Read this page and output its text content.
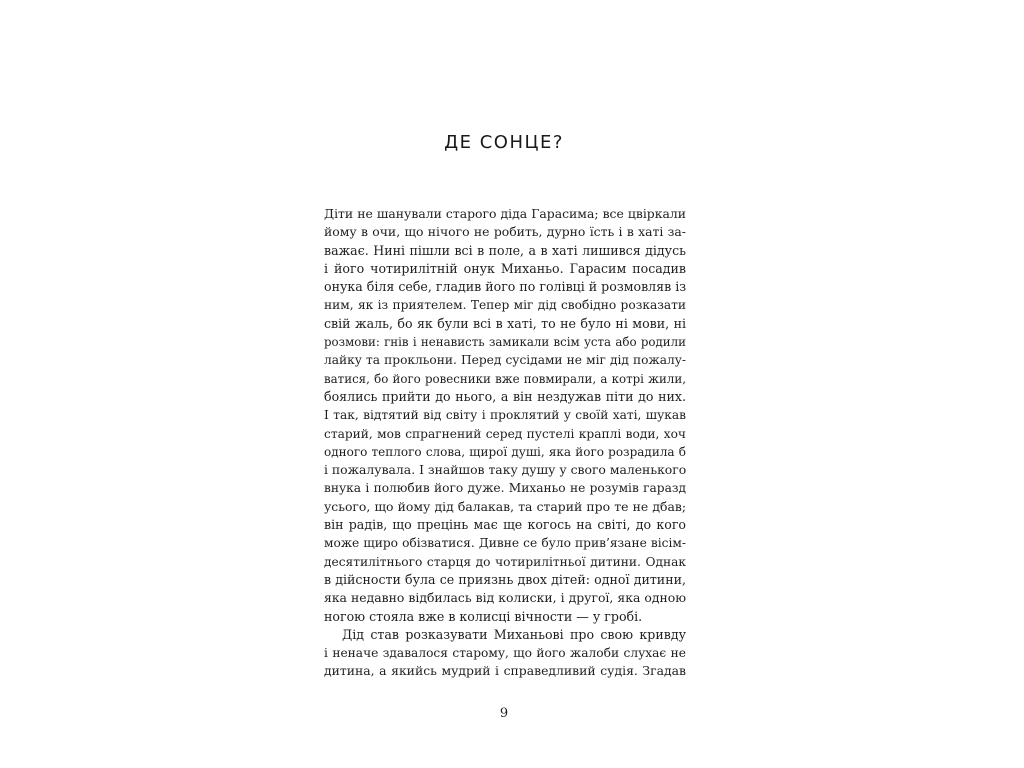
ДЕ СОНЦЕ?
Діти не шанували старого діда Гарасима; все цвіркали
йому в очи, що нічого не робить, дурно їсть і в хаті за-
важає. Нині пішли всі в поле, а в хаті лишився дідусь
і його чотирилітній онук Миханьо. Гарасим посадив
онука біля себе, гладив його по голівці й розмовляв із
ним, як із приятелем. Тепер міг дід свобідно розказати
свій жаль, бо як були всі в хаті, то не було ні мови, ні
розмови: гнів і ненависть замикали всім уста або родили
лайку та прокльони. Перед сусідами не міг дід пожалу-
ватися, бо його ровесники вже повмирали, а котрі жили,
боялись прийти до нього, а він нездужав піти до них.
І так, відтятий від світу і проклятий у своїй хаті, шукав
старий, мов спрагнений серед пустелі краплі води, хоч
одного теплого слова, щирої душі, яка його розрадила б
і пожалувала. І знайшов таку душу у свого маленького
внука і полюбив його дуже. Миханьо не розумів гаразд
усього, що йому дід балакав, та старий про те не дбав;
він радів, що прецінь має ще когось на світі, до кого
може щиро обізватися. Дивне се було прив’язане вісім-
десятилітнього старця до чотирилітньої дитини. Однак
в дійсности була се приязнь двох дітей: одної дитини,
яка недавно відбилась від колиски, і другої, яка одною
ногою стояла вже в колисці вічности — у гробі.
Дід став розказувати Миханьові про свою кривду
і неначе здавалося старому, що його жалоби слухає не
дитина, а якийсь мудрий і справедливий судія. Згадав
9
